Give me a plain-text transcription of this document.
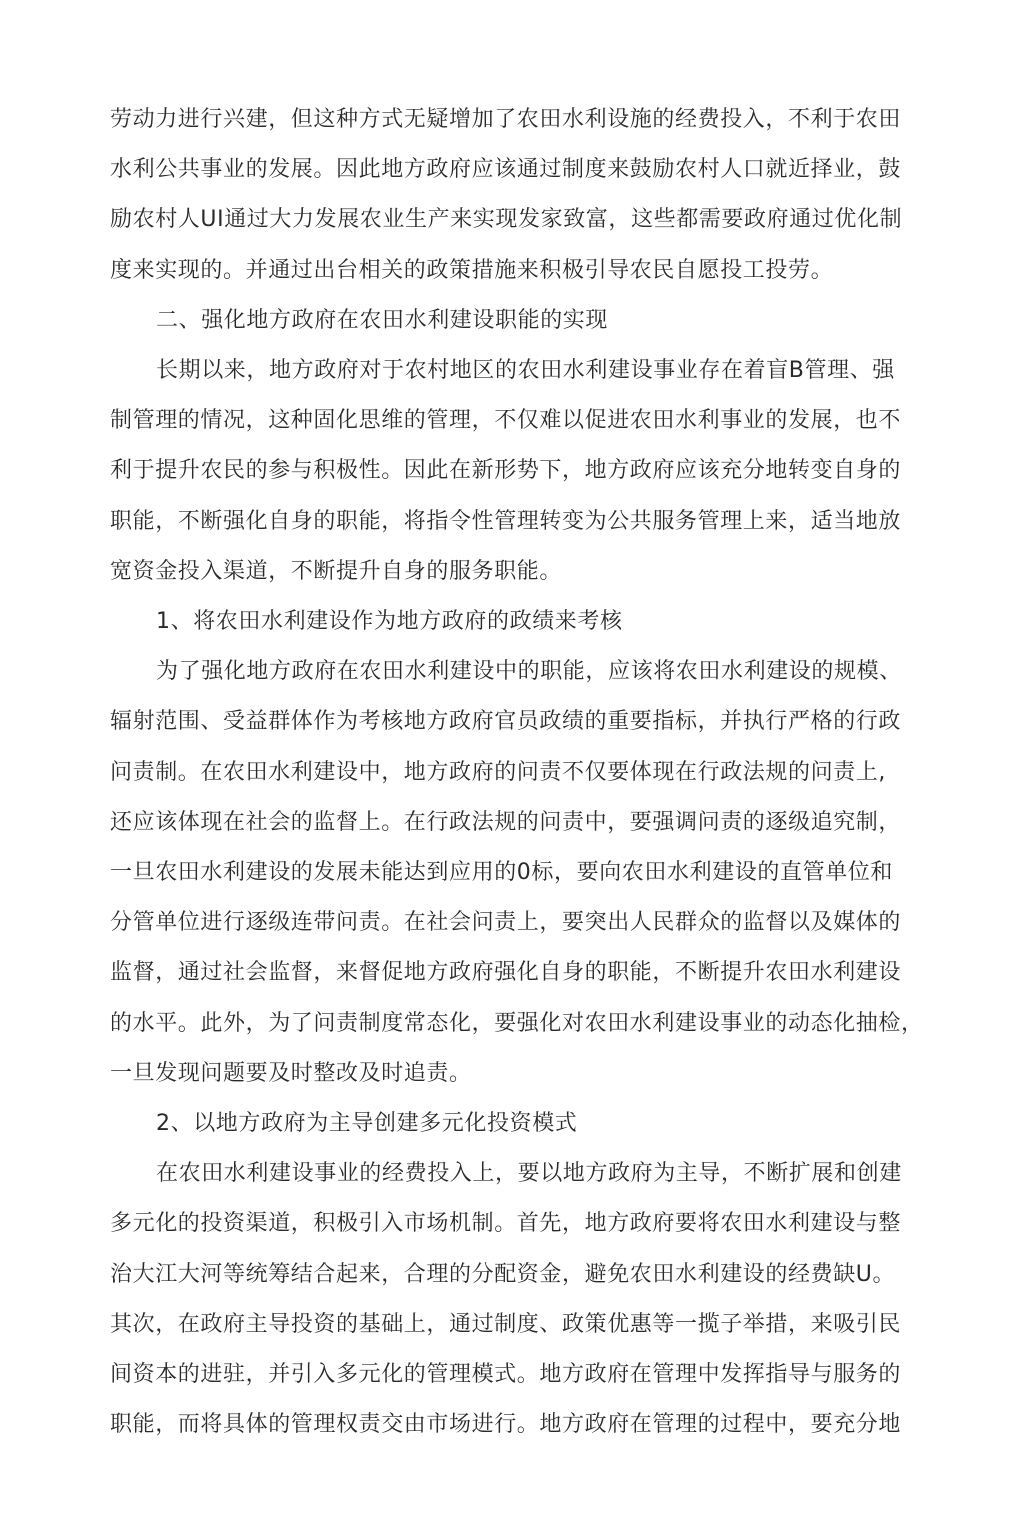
劳动力进行兴建，但这种方式无疑增加了农田水利设施的经费投入，不利于农田
水利公共事业的发展。因此地方政府应该通过制度来鼓励农村人口就近择业，鼓
励农村人UI通过大力发展农业生产来实现发家致富，这些都需要政府通过优化制
度来实现的。并通过出台相关的政策措施来积极引导农民自愿投工投劳。
二、强化地方政府在农田水利建设职能的实现
长期以来，地方政府对于农村地区的农田水利建设事业存在着盲B管理、强
制管理的情况，这种固化思维的管理，不仅难以促进农田水利事业的发展，也不
利于提升农民的参与积极性。因此在新形势下，地方政府应该充分地转变自身的
职能，不断强化自身的职能，将指令性管理转变为公共服务管理上来，适当地放
宽资金投入渠道，不断提升自身的服务职能。
1、将农田水利建设作为地方政府的政绩来考核
为了强化地方政府在农田水利建设中的职能，应该将农田水利建设的规模、
辐射范围、受益群体作为考核地方政府官员政绩的重要指标，并执行严格的行政
问责制。在农田水利建设中，地方政府的问责不仅要体现在行政法规的问责上,
还应该体现在社会的监督上。在行政法规的问责中，要强调问责的逐级追究制，
一旦农田水利建设的发展未能达到应用的0标，要向农田水利建设的直管单位和
分管单位进行逐级连带问责。在社会问责上，要突出人民群众的监督以及媒体的
监督，通过社会监督，来督促地方政府强化自身的职能，不断提升农田水利建设
的水平。此外，为了问责制度常态化，要强化对农田水利建设事业的动态化抽检，
一旦发现问题要及时整改及时追责。
2、以地方政府为主导创建多元化投资模式
在农田水利建设事业的经费投入上，要以地方政府为主导，不断扩展和创建
多元化的投资渠道，积极引入市场机制。首先，地方政府要将农田水利建设与整
治大江大河等统筹结合起来，合理的分配资金，避免农田水利建设的经费缺U。
其次，在政府主导投资的基础上，通过制度、政策优惠等一揽子举措，来吸引民
间资本的进驻，并引入多元化的管理模式。地方政府在管理中发挥指导与服务的
职能，而将具体的管理权责交由市场进行。地方政府在管理的过程中，要充分地
